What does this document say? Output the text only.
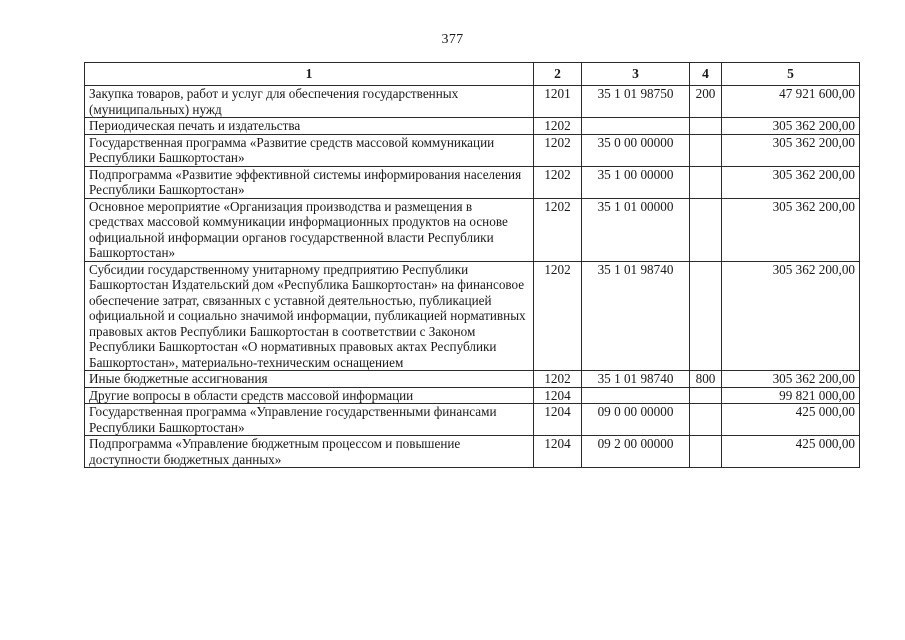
377
1	2	3	4	5
Закупка товаров, работ и услуг для обеспечения государственных (муниципальных) нужд	1201	35 1 01 98750	200	47 921 600,00
Периодическая печать и издательства	1202			305 362 200,00
Государственная программа «Развитие средств массовой коммуникации Республики Башкортостан»	1202	35 0 00 00000		305 362 200,00
Подпрограмма «Развитие эффективной системы информирования населения Республики Башкортостан»	1202	35 1 00 00000		305 362 200,00
Основное мероприятие «Организация производства и размещения в средствах массовой коммуникации информационных продуктов на основе официальной информации органов государственной власти Республики Башкортостан»	1202	35 1 01 00000		305 362 200,00
Субсидии государственному унитарному предприятию Республики Башкортостан Издательский дом «Республика Башкортостан» на финансовое обеспечение затрат, связанных с уставной деятельностью, публикацией официальной и социально значимой информации, публикацией нормативных правовых актов Республики Башкортостан в соответствии с Законом Республики Башкортостан «О нормативных правовых актах Республики Башкортостан», материально-техническим оснащением	1202	35 1 01 98740		305 362 200,00
Иные бюджетные ассигнования	1202	35 1 01 98740	800	305 362 200,00
Другие вопросы в области средств массовой информации	1204			99 821 000,00
Государственная программа «Управление государственными финансами Республики Башкортостан»	1204	09 0 00 00000		425 000,00
Подпрограмма «Управление бюджетным процессом и повышение доступности бюджетных данных»	1204	09 2 00 00000		425 000,00
